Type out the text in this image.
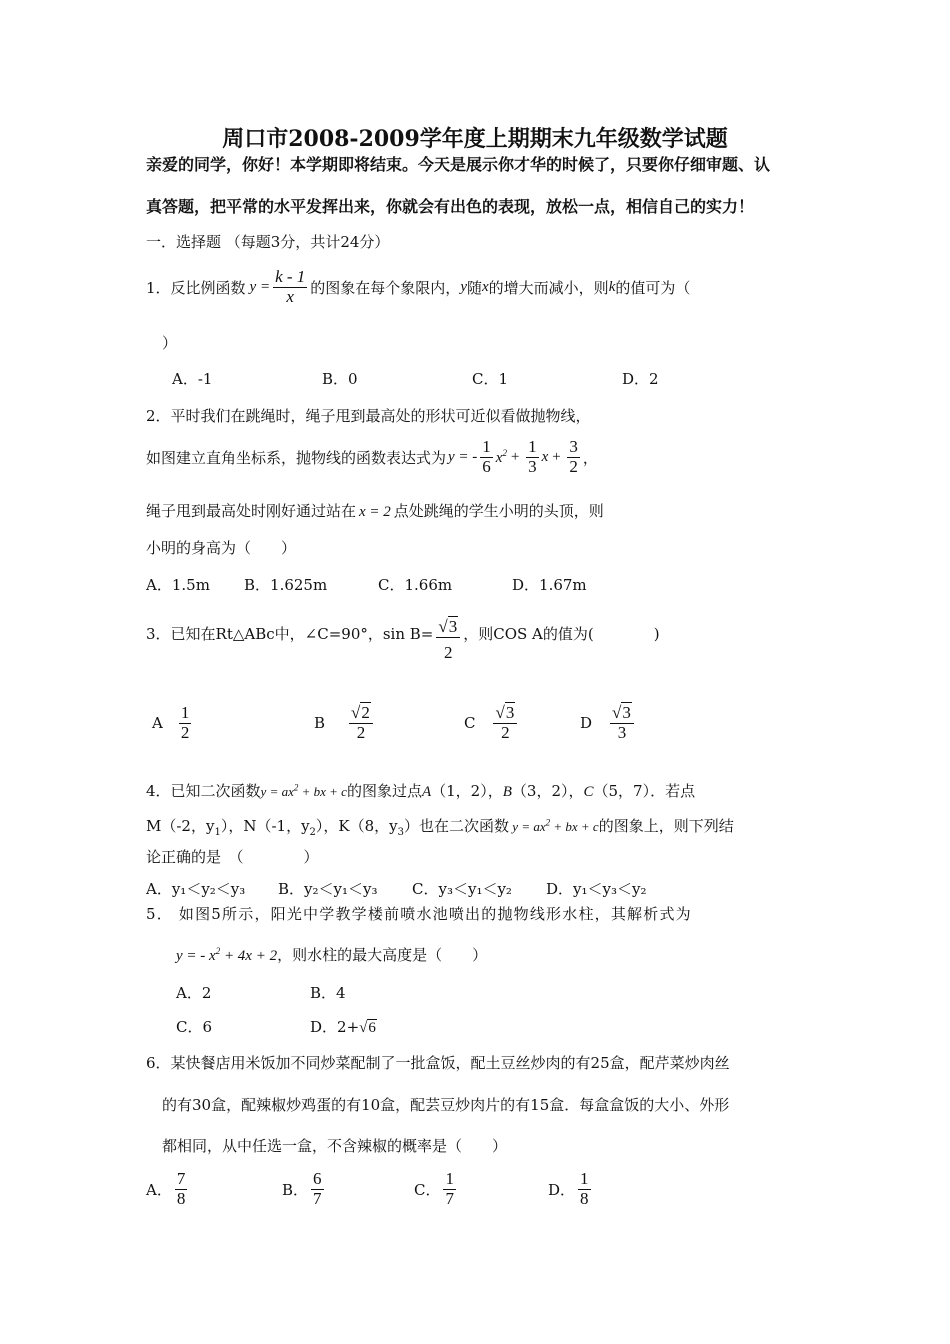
周口市2008-2009学年度上期期末九年级数学试题
亲爱的同学，你好！本学期即将结束。今天是展示你才华的时候了，只要你仔细审题、认
真答题，把平常的水平发挥出来，你就会有出色的表现，放松一点，相信自己的实力！
一．选择题 （每题3分，共计24分）
1．反比例函数 $y = \frac{k - 1}{x}$ 的图象在每个象限内， y 随 x 的增大而减小，则 k 的值可为（
）
A．-1	B．0	C．1	D．2
2．平时我们在跳绳时，绳子甩到最高处的形状可近似看做抛物线，
如图建立直角坐标系，抛物线的函数表达式为 y = - $\frac{1}{6} x^2 + \frac{1}{3}$ $x + \frac{3}{2}$ ，
绳子甩到最高处时刚好通过站在 x = 2 点处跳绳的学生小明的头顶，则
小明的身高为（　　）
A．1.5m B．1.625m	C．1.66m	D．1.67m
3．已知在Rt△ABc中，∠C=90°，$\sin B= \frac{√3}{2}$ ，则COS A的值为(　　　　)
A $\frac{1}{2}$	B $\frac{√2}{2}$	C $\frac{√3}{2}$	D $\frac{√3}{3}$
4．已知二次函数$y = ax^2$ + bx + c的图象过点A（1，2），B（3，2），C（5，7）．若点
M（-2，$y_1$），N（-1，$y_2$），K（8，$y_3$）也在二次函数 $y = ax^2$ + bx + c的图象上，则下列结
论正确的是　（　　　　）
A．y₁＜y₂＜y₃ B．y₂＜y₁＜y₃ C．y₃＜y₁＜y₂ D．y₁＜y₃＜y₂
5． 如图5所示，阳光中学教学楼前喷水池喷出的抛物线形水柱，其解析式为
y = - $x^2 + 4x + 2$，则水柱的最大高度是（　　）
A．2	B．4
C．6	D．2+√6
6．某快餐店用米饭加不同炒菜配制了一批盒饭，配土豆丝炒肉的有25盒，配芹菜炒肉丝
的有30盒，配辣椒炒鸡蛋的有10盒，配芸豆炒肉片的有15盒．每盒盒饭的大小、外形
都相同，从中任选一盒，不含辣椒的概率是（　　）
A． $\frac{7}{8}$	B． $\frac{6}{7}$	C． $\frac{1}{7}$	D． $\frac{1}{8}$
